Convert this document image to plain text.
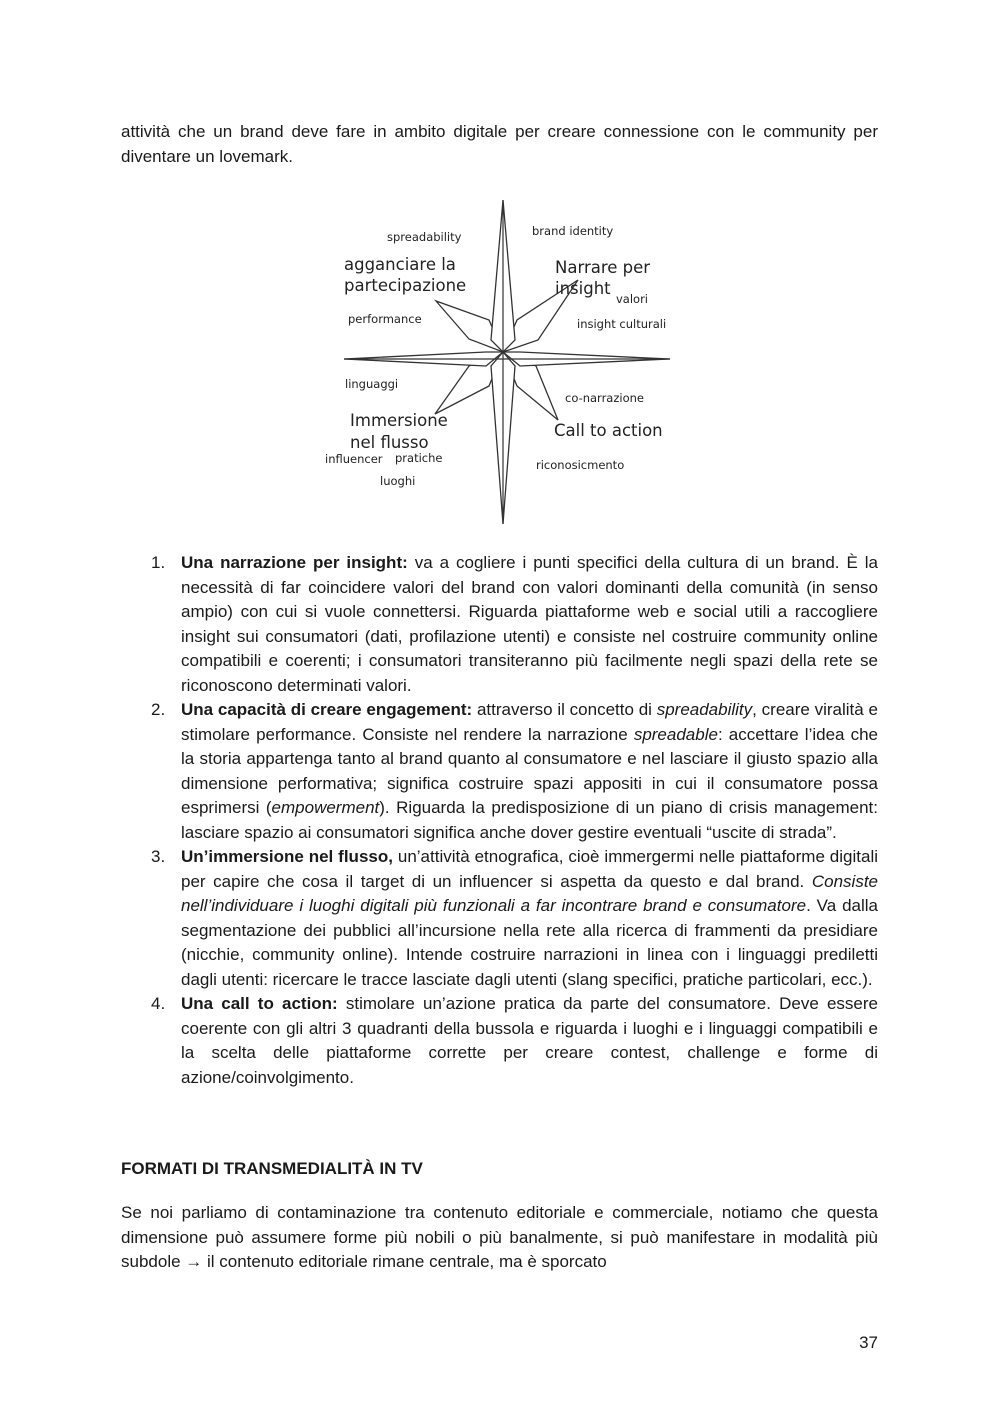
attività che un brand deve fare in ambito digitale per creare connessione con le community per diventare un lovemark.

spreadability
agganciare la
partecipazione
performance
brand identity
Narrare per
insight
valori
insight culturali
linguaggi
Immersione
nel flusso
influencer pratiche
luoghi
co-narrazione
Call to action
riconosicmento
1. Una narrazione per insight: va a cogliere i punti specifici della cultura di un brand. È la necessità di far coincidere valori del brand con valori dominanti della comunità (in senso ampio) con cui si vuole connettersi. Riguarda piattaforme web e social utili a raccogliere insight sui consumatori (dati, profilazione utenti) e consiste nel costruire community online compatibili e coerenti; i consumatori transiteranno più facilmente negli spazi della rete se riconoscono determinati valori.
2. Una capacità di creare engagement: attraverso il concetto di spreadability, creare viralità e stimolare performance. Consiste nel rendere la narrazione spreadable: accettare l’idea che la storia appartenga tanto al brand quanto al consumatore e nel lasciare il giusto spazio alla dimensione performativa; significa costruire spazi appositi in cui il consumatore possa esprimersi (empowerment). Riguarda la predisposizione di un piano di crisis management: lasciare spazio ai consumatori significa anche dover gestire eventuali “uscite di strada”.
3. Un’immersione nel flusso, un’attività etnografica, cioè immergermi nelle piattaforme digitali per capire che cosa il target di un influencer si aspetta da questo e dal brand. Consiste nell’individuare i luoghi digitali più funzionali a far incontrare brand e consumatore. Va dalla segmentazione dei pubblici all’incursione nella rete alla ricerca di frammenti da presidiare (nicchie, community online). Intende costruire narrazioni in linea con i linguaggi prediletti dagli utenti: ricercare le tracce lasciate dagli utenti (slang specifici, pratiche particolari, ecc.).
4. Una call to action: stimolare un’azione pratica da parte del consumatore. Deve essere coerente con gli altri 3 quadranti della bussola e riguarda i luoghi e i linguaggi compatibili e la scelta delle piattaforme corrette per creare contest, challenge e forme di azione/coinvolgimento.
FORMATI DI TRANSMEDIALITÀ IN TV

Se noi parliamo di contaminazione tra contenuto editoriale e commerciale, notiamo che questa dimensione può assumere forme più nobili o più banalmente, si può manifestare in modalità più subdole → il contenuto editoriale rimane centrale, ma è sporcato

37
